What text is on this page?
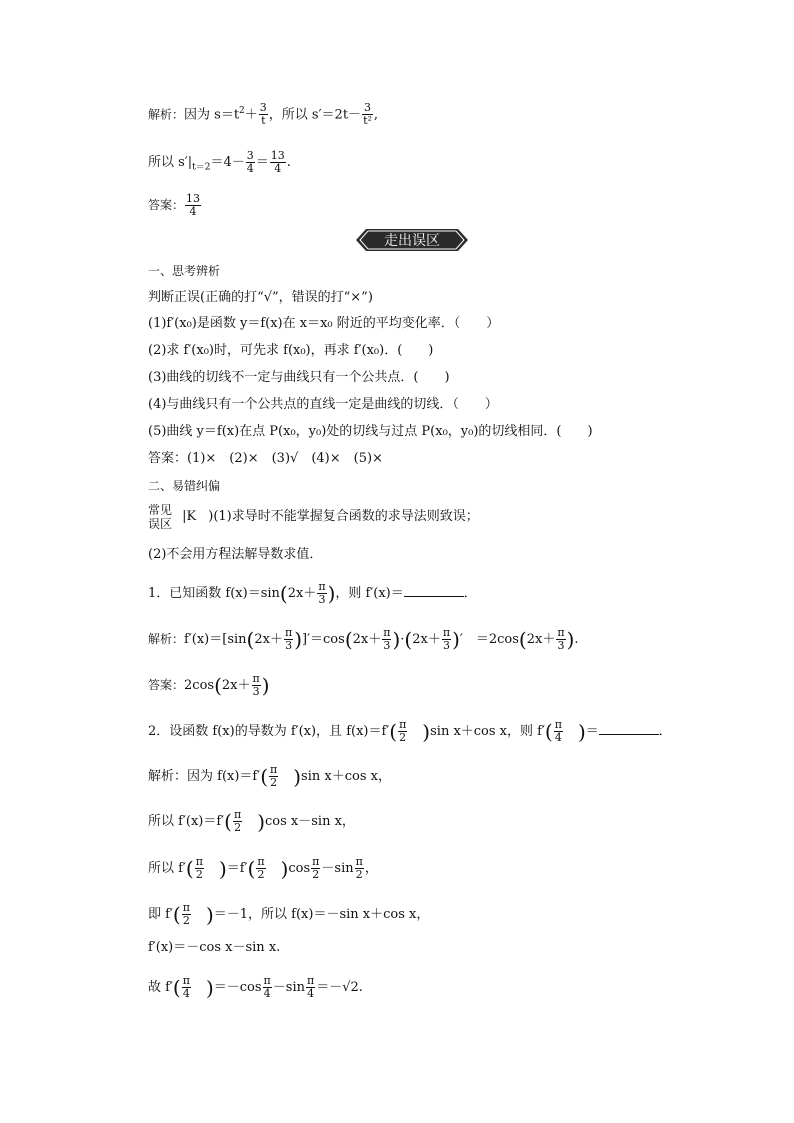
解析：因为 $s=t^2+ \frac{3}{t}$ ，所以 $s'=2t- \frac{3}{\text{t²}}$ ,
所以 $s'|_{t=2}=4- \frac{3}{4} = \frac{13}{4}$ .
答案： $\frac{13}{4}$
走出误区
一、思考辨析
判断正误(正确的打“√”，错误的打“×”)
(1)f′(x₀)是函数 y＝f(x)在 x＝x₀ 附近的平均变化率．（　　）
(2)求 f′(x₀)时，可先求 f(x₀)，再求 f′(x₀)．(　　)
(3)曲线的切线不一定与曲线只有一个公共点．(　　)
(4)与曲线只有一个公共点的直线一定是曲线的切线．（　　）
(5)曲线 y＝f(x)在点 P(x₀，y₀)处的切线与过点 P(x₀，y₀)的切线相同．(　　)
答案：(1)×　(2)×　(3)√　(4)×　(5)×
二、易错纠偏
常见
误区 |K )(1)求导时不能掌握复合函数的求导法则致误；
(2)不会用方程法解导数求值．
1．已知函数 $f(x)=\sin(2x+ \frac{\pi}{3}$ )，则 f′(x)＝	．
解析：$f'(x)=[\sin(2x+ \frac{\pi}{3} )]'=\cos(2x+ \frac{\pi}{3} )\cdot(2x+ \frac{\pi}{3}$ )′　$=2\cos(2x+ \frac{\pi}{3}$ ).
答案：$2\cos(2x+ \frac{\pi}{3}$ )
2．设函数 f(x)的导数为 f′(x)，且 $f(x)=f'( \frac{\pi}{2} )\sin$ x＋cos x，则 $f'( \frac{\pi}{4}$ )＝	．
解析：因为 $f(x)=f'( \frac{\pi}{2} )\sin$ x＋cos x，
所以 $f'(x)=f'( \frac{\pi}{2} )\cos$ x－sin x，
所以 $f'( \frac{\pi}{2} )=f'( \frac{\pi}{2} )\cos \frac{\pi}{2} -\sin \frac{\pi}{2}$ ，
即 $f'( \frac{\pi}{2} )=-1$，所以 f(x)＝－sin x＋cos x，
f′(x)＝－cos x－sin x.
故 $f'( \frac{\pi}{4} )=-\cos \frac{\pi}{4} -\sin \frac{\pi}{4} =-√2$.
